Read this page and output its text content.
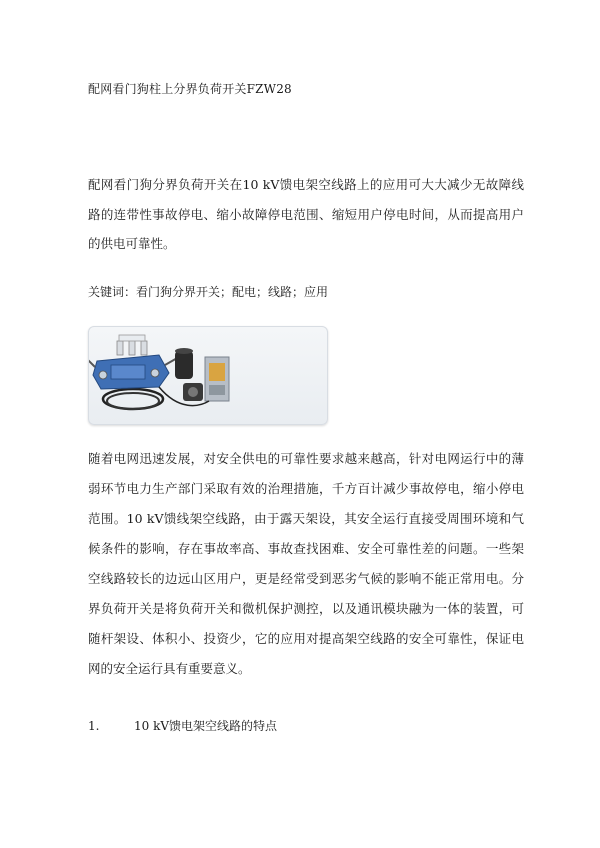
配网看门狗柱上分界负荷开关FZW28

配网看门狗分界负荷开关在10 kV馈电架空线路上的应用可大大减少无故障线路的连带性事故停电、缩小故障停电范围、缩短用户停电时间，从而提高用户的供电可靠性。

关键词：看门狗分界开关；配电；线路；应用

随着电网迅速发展，对安全供电的可靠性要求越来越高，针对电网运行中的薄弱环节电力生产部门采取有效的治理措施，千方百计减少事故停电，缩小停电范围。10 kV馈线架空线路，由于露天架设，其安全运行直接受周围环境和气候条件的影响，存在事故率高、事故查找困难、安全可靠性差的问题。一些架空线路较长的边远山区用户，更是经常受到恶劣气候的影响不能正常用电。分界负荷开关是将负荷开关和微机保护测控，以及通讯模块融为一体的装置，可随杆架设、体积小、投资少，它的应用对提高架空线路的安全可靠性，保证电网的安全运行具有重要意义。

1.	10 kV馈电架空线路的特点
